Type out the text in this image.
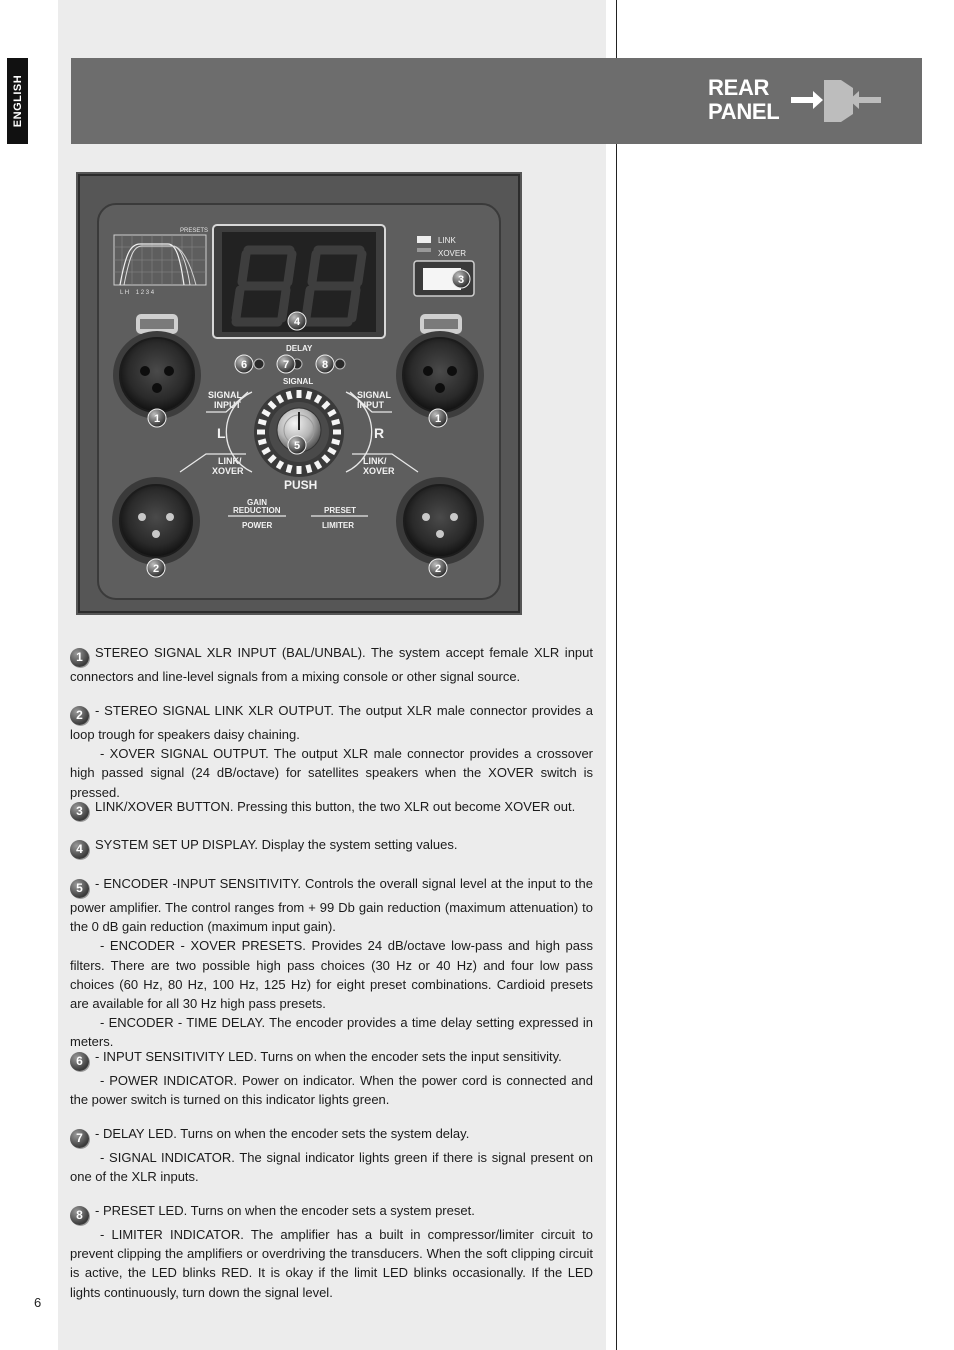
ENGLISH	REAR
PANEL
PRESETS
L H    1 2 3 4
LINK
XOVER
DELAY
SIGNAL
SIGNAL
INPUT
SIGNAL
INPUT
L	R
LINK/
XOVER
LINK/
XOVER
PUSH
GAIN
REDUCTION
POWER
PRESET
LIMITER
1	1
2	2
3
4
5
6	7	8

1 STEREO SIGNAL XLR INPUT (BAL/UNBAL). The system accept female XLR input connectors and line-level signals from a mixing console or other signal source.

2 - STEREO SIGNAL LINK XLR OUTPUT. The output XLR male connector provides a loop trough for speakers daisy chaining.

- XOVER SIGNAL OUTPUT. The output XLR male connector provides a crossover high passed signal (24 dB/octave) for satellites speakers when the XOVER switch is pressed.

3 LINK/XOVER BUTTON. Pressing this button, the two XLR out become XOVER out.

4 SYSTEM SET UP DISPLAY. Display the system setting values.

5 - ENCODER -INPUT SENSITIVITY. Controls the overall signal level at the input to the power amplifier. The control ranges from + 99 Db gain reduction (maximum attenuation) to the 0 dB gain reduction (maximum input gain).

- ENCODER - XOVER PRESETS. Provides 24 dB/octave low-pass and high pass filters. There are two possible high pass choices (30 Hz or 40 Hz) and four low pass choices (60 Hz, 80 Hz, 100 Hz, 125 Hz) for eight preset combinations. Cardioid presets are available for all 30 Hz high pass presets.

- ENCODER - TIME DELAY. The encoder provides a time delay setting expressed in meters.

6 - INPUT SENSITIVITY LED. Turns on when the encoder sets the input sensitivity.

- POWER INDICATOR. Power on indicator. When the power cord is connected and the power switch is turned on this indicator lights green.

7 - DELAY LED. Turns on when the encoder sets the system delay.

- SIGNAL INDICATOR. The signal indicator lights green if there is signal present on one of the XLR inputs.

8 - PRESET LED. Turns on when the encoder sets a system preset.

- LIMITER INDICATOR. The amplifier has a built in compressor/limiter circuit to prevent clipping the amplifiers or overdriving the transducers. When the soft clipping circuit is active, the LED blinks RED. It is okay if the limit LED blinks occasionally. If the LED lights continuously, turn down the signal level.

6
